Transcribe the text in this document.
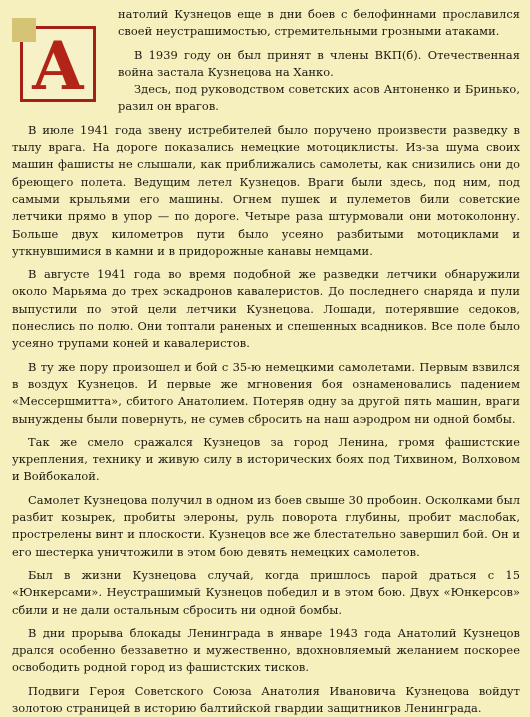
А

натолий Кузнецов еще в дни боев с белофиннами прославился своей неустрашимостью, стремительными грозными атаками.

В 1939 году он был принят в члены ВКП(б). Отечественная война застала Кузнецова на Ханко.

Здесь, под руководством советских асов Антоненко и Бринько, разил он врагов.

В июле 1941 года звену истребителей было поручено произвести разведку в тылу врага. На дороге показались немецкие мотоциклисты. Из-за шума своих машин фашисты не слышали, как приближались самолеты, как снизились они до бреющего полета. Ведущим летел Кузнецов. Враги были здесь, под ним, под самыми крыльями его машины. Огнем пушек и пулеметов били советские летчики прямо в упор — по дороге. Четыре раза штурмовали они мотоколонну. Больше двух километров пути было усеяно разбитыми мотоциклами и уткнувшимися в камни и в придорожные канавы немцами.

В августе 1941 года во время подобной же разведки летчики обнаружили около Марьяма до трех эскадронов кавалеристов. До последнего снаряда и пули выпустили по этой цели летчики Кузнецова. Лошади, потерявшие седоков, понеслись по полю. Они топтали раненых и спешенных всадников. Все поле было усеяно трупами коней и кавалеристов.

В ту же пору произошел и бой с 35-ю немецкими самолетами. Первым взвился в воздух Кузнецов. И первые же мгновения боя ознаменовались падением «Мессершмитта», сбитого Анатолием. Потеряв одну за другой пять машин, враги вынуждены были повернуть, не сумев сбросить на наш аэродром ни одной бомбы.

Так же смело сражался Кузнецов за город Ленина, громя фашистские укрепления, технику и живую силу в исторических боях под Тихвином, Волховом и Войбокалой.

Самолет Кузнецова получил в одном из боев свыше 30 пробоин. Осколками был разбит козырек, пробиты элероны, руль поворота глубины, пробит маслобак, прострелены винт и плоскости. Кузнецов все же блестательно завершил бой. Он и его шестерка уничтожили в этом бою девять немецких самолетов.

Был в жизни Кузнецова случай, когда пришлось парой драться с 15 «Юнкерсами». Неустрашимый Кузнецов победил и в этом бою. Двух «Юнкерсов» сбили и не дали остальным сбросить ни одной бомбы.

В дни прорыва блокады Ленинграда в январе 1943 года Анатолий Кузнецов дрался особенно беззаветно и мужественно, вдохновляемый желанием поскорее освободить родной город из фашистских тисков.

Подвиги Героя Советского Союза Анатолия Ивановича Кузнецова войдут золотою страницей в историю балтийской гвардии защитников Ленинграда.
